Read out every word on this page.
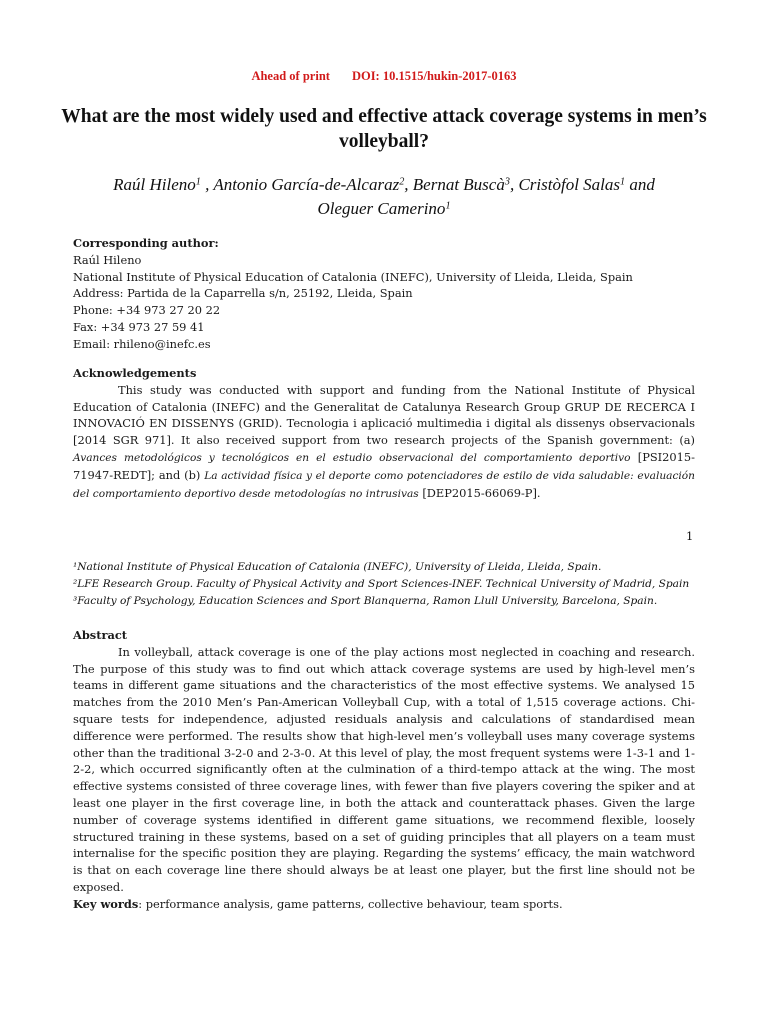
Ahead of print DOI: 10.1515/hukin-2017-0163
What are the most widely used and effective attack coverage systems in men’s volleyball?
Raúl Hileno$^1$ , Antonio García-de-Alcaraz$^2$, Bernat Buscà$^3$, Cristòfol Salas$^1$ and
Oleguer Camerino$^1$
Corresponding author:
Raúl Hileno
National Institute of Physical Education of Catalonia (INEFC), University of Lleida, Lleida, Spain
Address: Partida de la Caparrella s/n, 25192, Lleida, Spain
Phone: +34 973 27 20 22
Fax: +34 973 27 59 41
Email: rhileno@inefc.es
Acknowledgements

This study was conducted with support and funding from the National Institute of Physical Education of Catalonia (INEFC) and the Generalitat de Catalunya Research Group GRUP DE RECERCA I INNOVACIÓ EN DISSENYS (GRID). Tecnologia i aplicació multimedia i digital als dissenys observacionals [2014 SGR 971]. It also received support from two research projects of the Spanish government: (a) Avances metodológicos y tecnológicos en el estudio observacional del comportamiento deportivo [PSI2015-71947-REDT]; and (b) La actividad física y el deporte como potenciadores de estilo de vida saludable: evaluación del comportamiento deportivo desde metodologías no intrusivas [DEP2015-66069-P].

1
¹National Institute of Physical Education of Catalonia (INEFC), University of Lleida, Lleida, Spain.
²LFE Research Group. Faculty of Physical Activity and Sport Sciences-INEF. Technical University of Madrid, Spain
³Faculty of Psychology, Education Sciences and Sport Blanquerna, Ramon Llull University, Barcelona, Spain.
Abstract

In volleyball, attack coverage is one of the play actions most neglected in coaching and research. The purpose of this study was to find out which attack coverage systems are used by high-level men’s teams in different game situations and the characteristics of the most effective systems. We analysed 15 matches from the 2010 Men’s Pan-American Volleyball Cup, with a total of 1,515 coverage actions. Chi-square tests for independence, adjusted residuals analysis and calculations of standardised mean difference were performed. The results show that high-level men’s volleyball uses many coverage systems other than the traditional 3-2-0 and 2-3-0. At this level of play, the most frequent systems were 1-3-1 and 1-2-2, which occurred significantly often at the culmination of a third-tempo attack at the wing. The most effective systems consisted of three coverage lines, with fewer than five players covering the spiker and at least one player in the first coverage line, in both the attack and counterattack phases. Given the large number of coverage systems identified in different game situations, we recommend flexible, loosely structured training in these systems, based on a set of guiding principles that all players on a team must internalise for the specific position they are playing. Regarding the systems’ efficacy, the main watchword is that on each coverage line there should always be at least one player, but the first line should not be exposed.

Key words: performance analysis, game patterns, collective behaviour, team sports.
